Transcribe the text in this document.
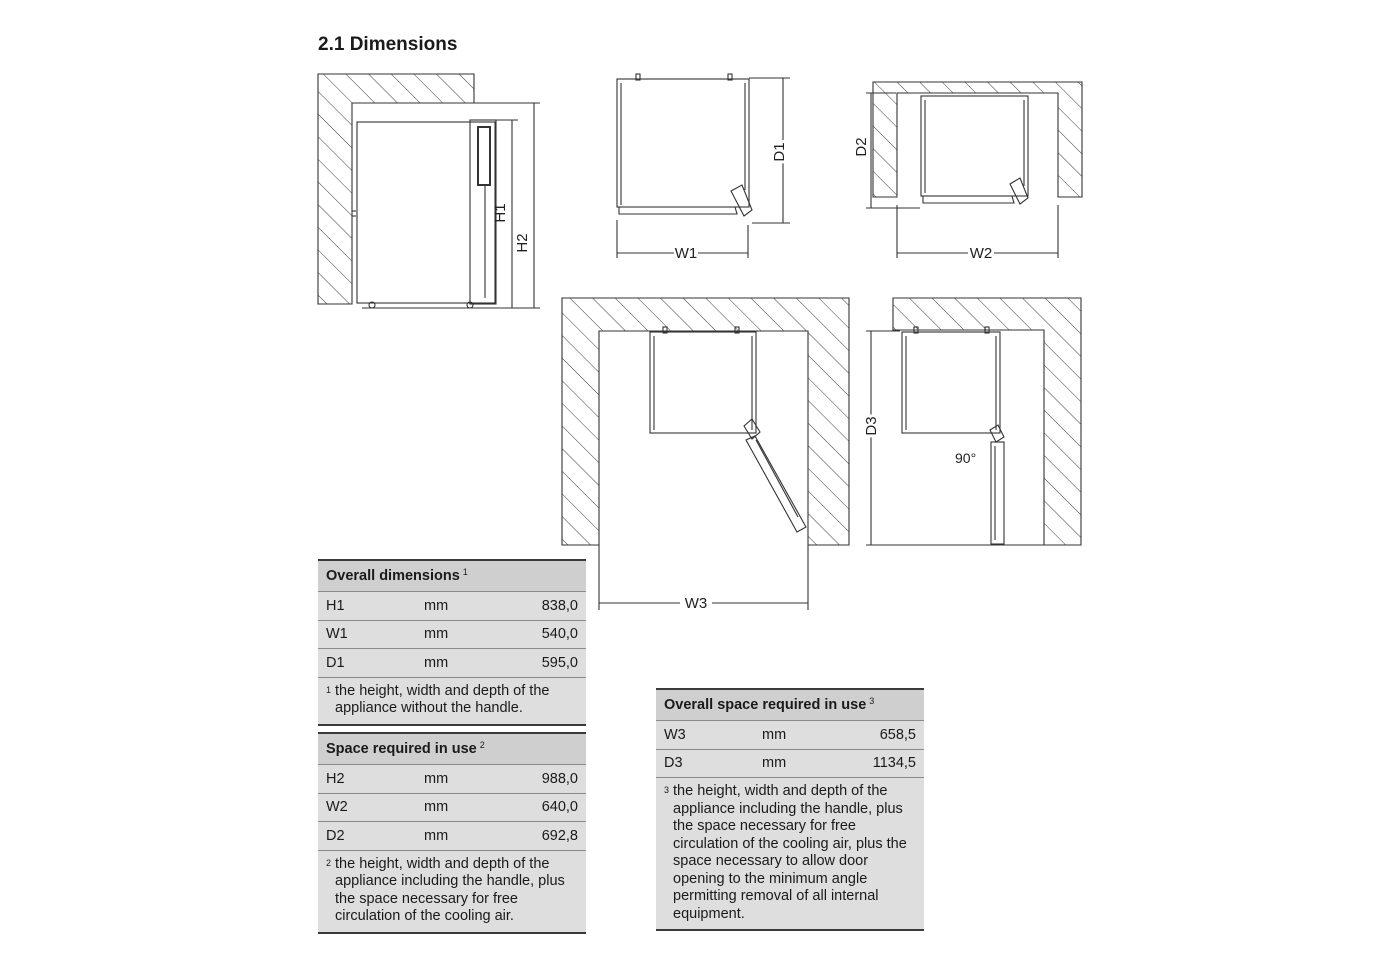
2.1 Dimensions
H1
H2
W1
D1
W2
D2
W3
D3
90°
Overall dimensions $^1$
H1	mm	838,0
W1	mm	540,0
D1	mm	595,0
$^1$ the height, width and depth of the appliance without the handle.		
Space required in use $^2$
H2	mm	988,0
W2	mm	640,0
D2	mm	692,8
$^2$ the height, width and depth of the appliance including the handle, plus the space necessary for free circulation of the cooling air.		
Overall space required in use $^3$
W3	mm	658,5
D3	mm	1134,5
$^3$ the height, width and depth of the appliance including the handle, plus the space necessary for free circulation of the cooling air, plus the space necessary to allow door opening to the minimum angle permitting removal of all internal equipment.		
